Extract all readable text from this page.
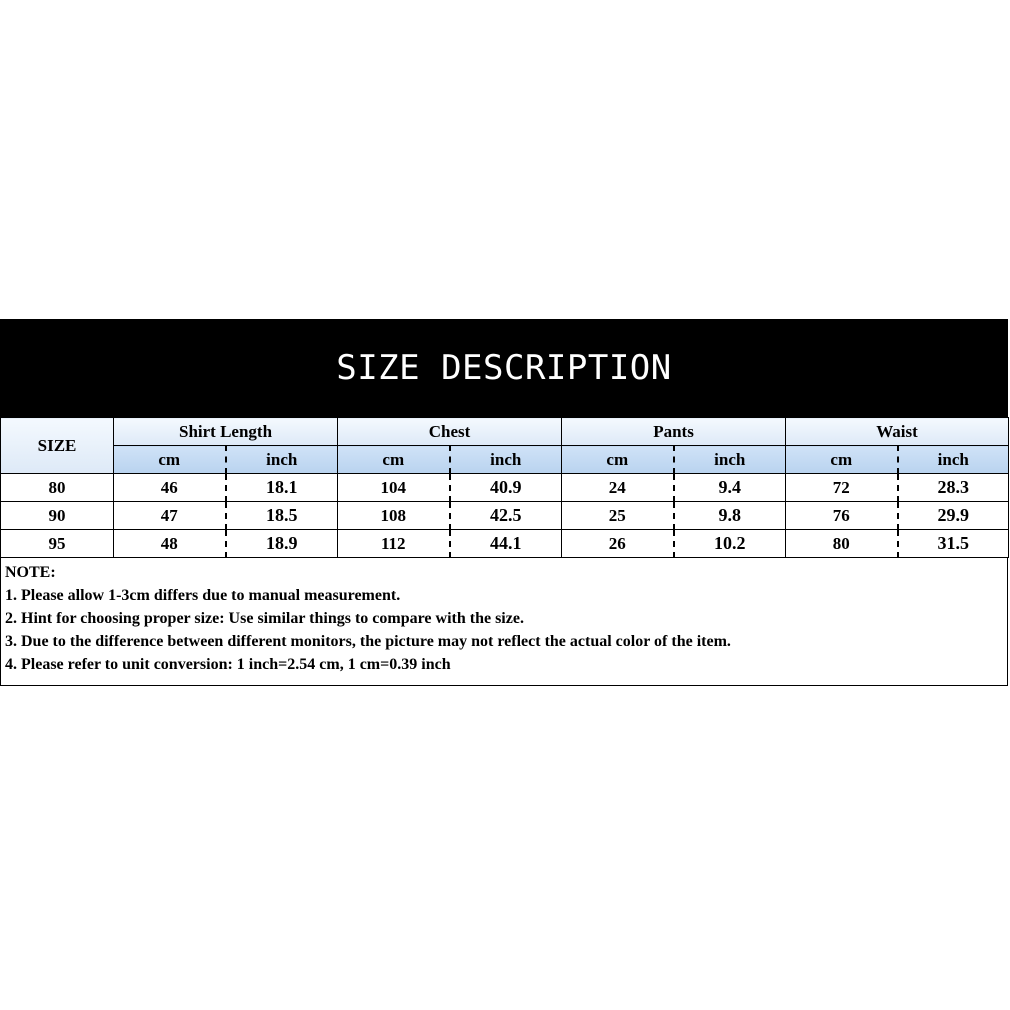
SIZE DESCRIPTION
SIZE	Shirt Length		Chest		Pants		Waist	
	cm	inch	cm	inch	cm	inch	cm	inch
80	46	18.1	104	40.9	24	9.4	72	28.3
90	47	18.5	108	42.5	25	9.8	76	29.9
95	48	18.9	112	44.1	26	10.2	80	31.5
NOTE:
1. Please allow 1-3cm differs due to manual measurement.
2. Hint for choosing proper size: Use similar things to compare with the size.
3. Due to the difference between different monitors, the picture may not reflect the actual color of the item.
4. Please refer to unit conversion: 1 inch=2.54 cm, 1 cm=0.39 inch
